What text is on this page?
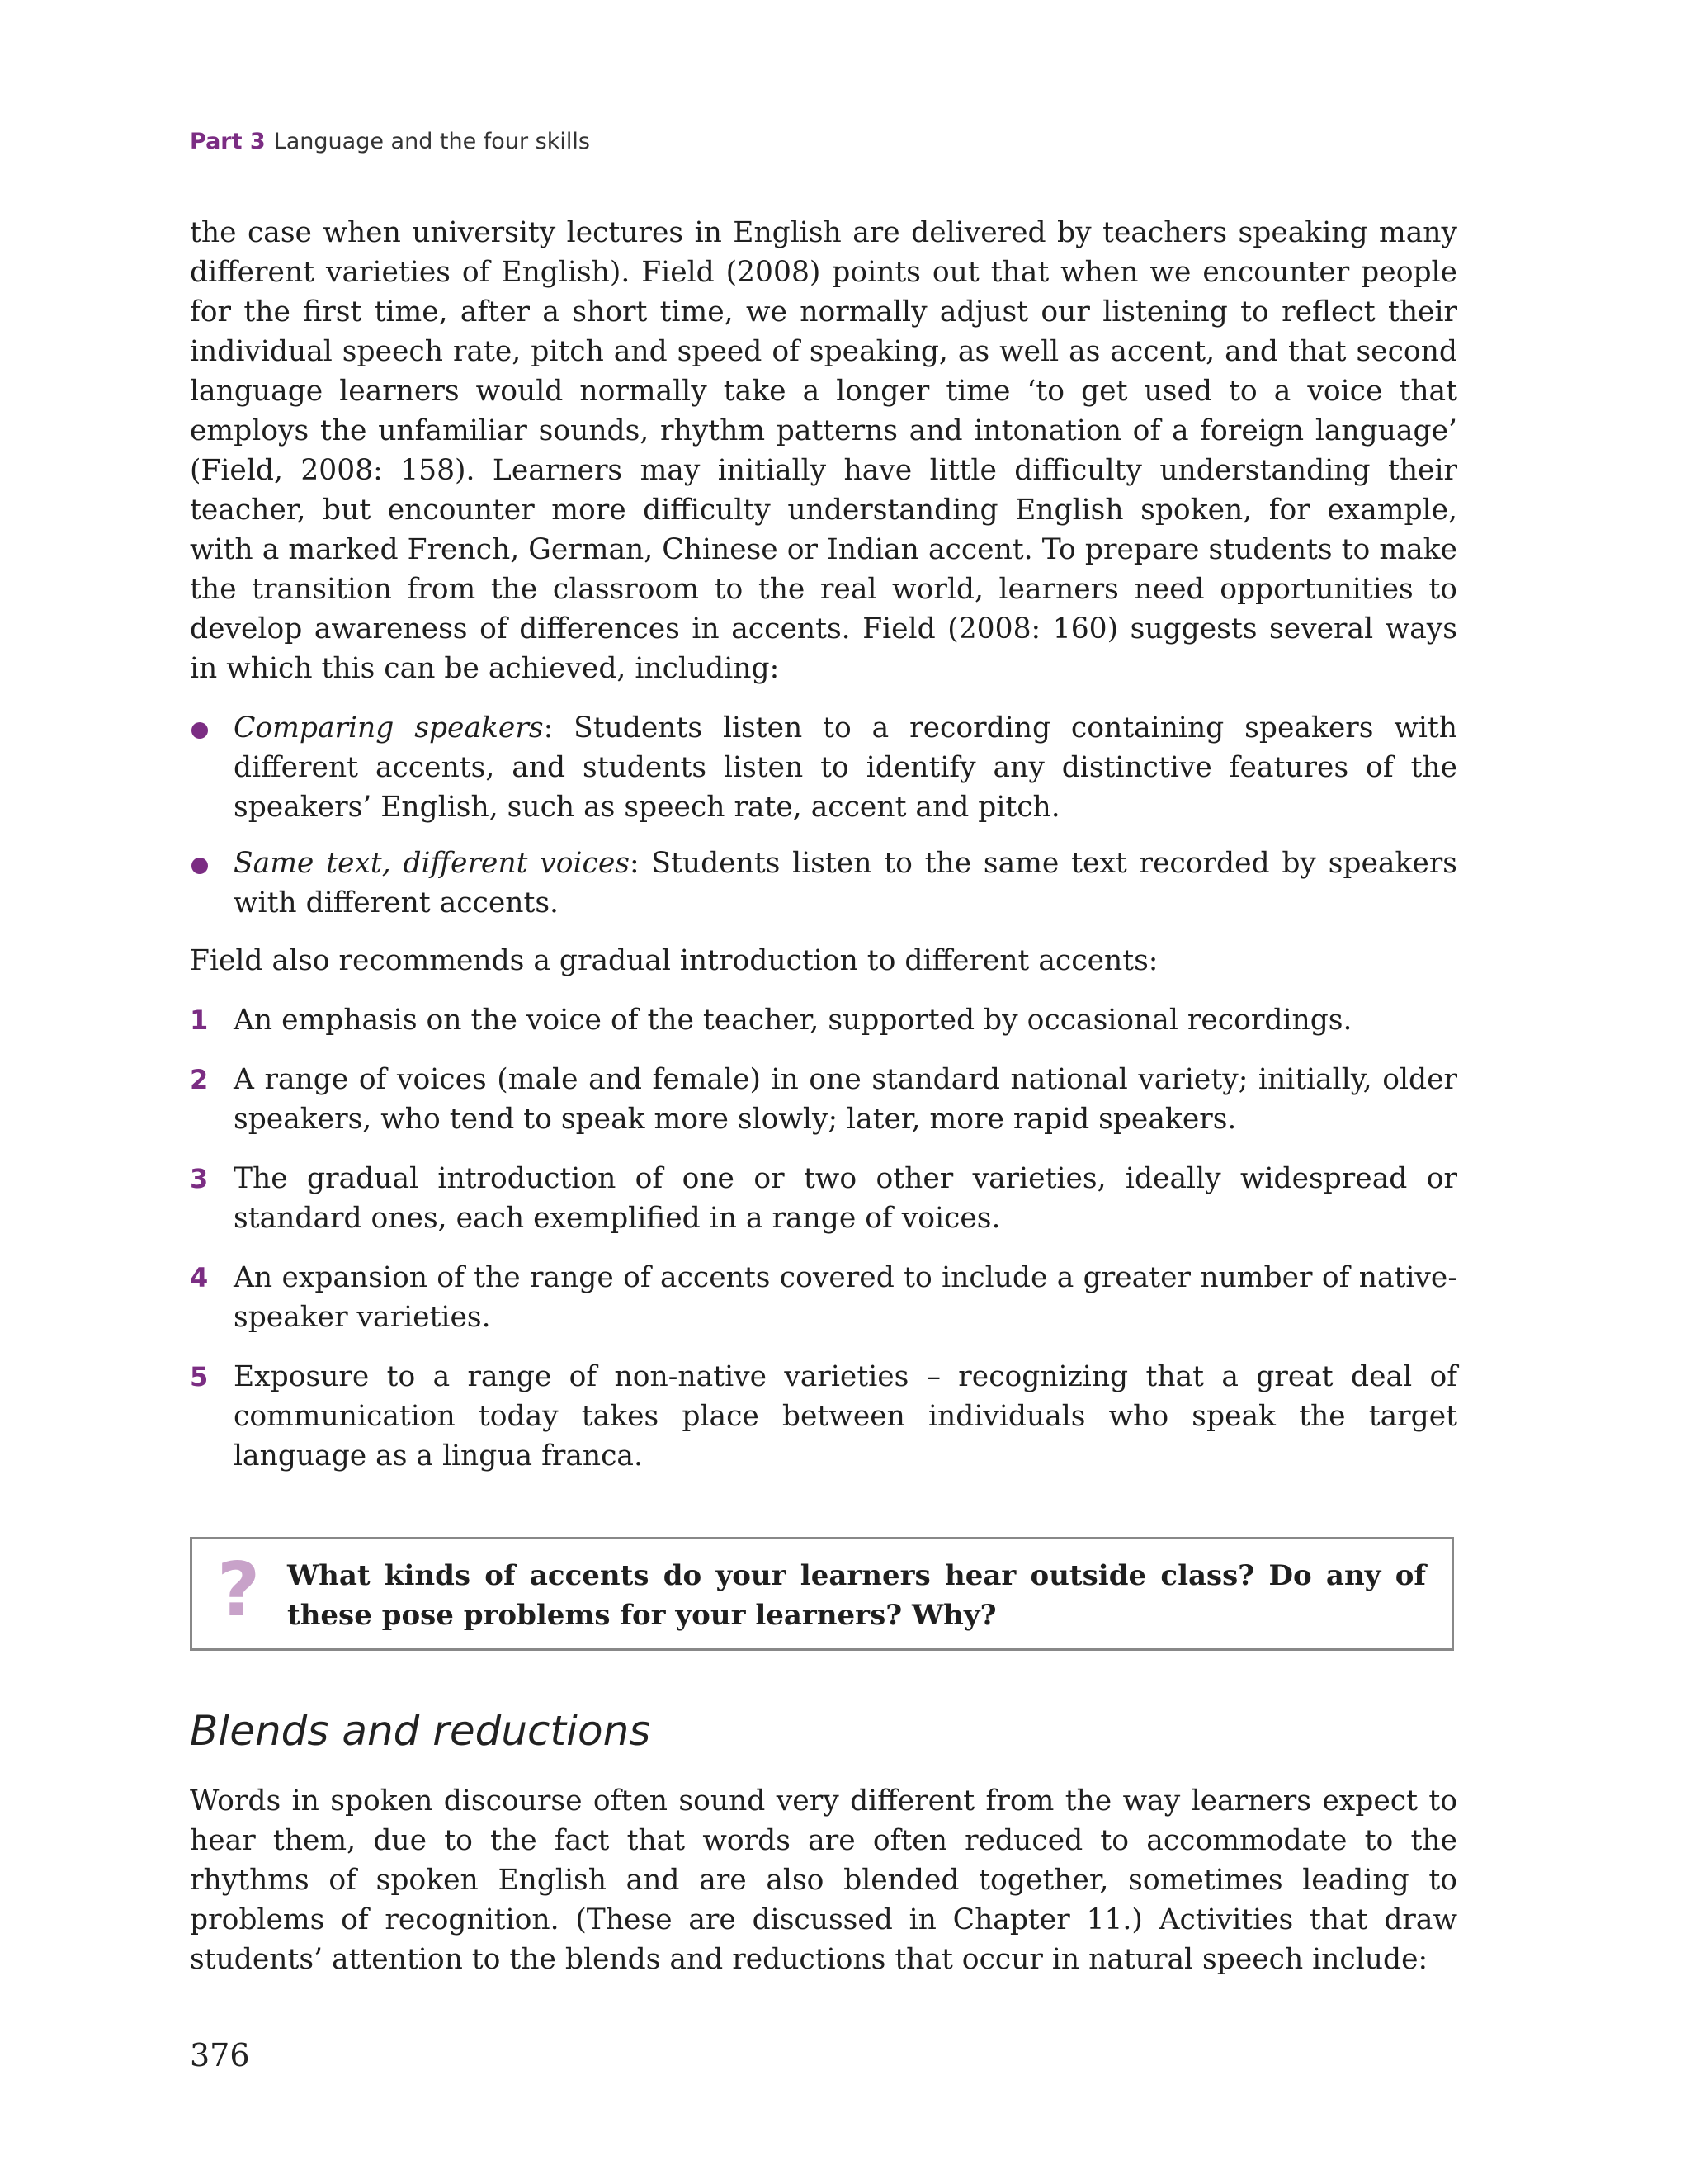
Part 3 Language and the four skills

the case when university lectures in English are delivered by teachers speaking many different varieties of English). Field (2008) points out that when we encounter people for the first time, after a short time, we normally adjust our listening to reflect their individual speech rate, pitch and speed of speaking, as well as accent, and that second language learners would normally take a longer time ‘to get used to a voice that employs the unfamiliar sounds, rhythm patterns and intonation of a foreign language’ (Field, 2008: 158). Learners may initially have little difficulty understanding their teacher, but encounter more difficulty understanding English spoken, for example, with a marked French, German, Chinese or Indian accent. To prepare students to make the transition from the classroom to the real world, learners need opportunities to develop awareness of differences in accents. Field (2008: 160) suggests several ways in which this can be achieved, including:

Comparing speakers: Students listen to a recording containing speakers with different accents, and students listen to identify any distinctive features of the speakers’ English, such as speech rate, accent and pitch.
Same text, different voices: Students listen to the same text recorded by speakers with different accents.

Field also recommends a gradual introduction to different accents:

1 An emphasis on the voice of the teacher, supported by occasional recordings.
2 A range of voices (male and female) in one standard national variety; initially, older speakers, who tend to speak more slowly; later, more rapid speakers.
3 The gradual introduction of one or two other varieties, ideally widespread or standard ones, each exemplified in a range of voices.
4 An expansion of the range of accents covered to include a greater number of native-speaker varieties.
5 Exposure to a range of non-native varieties – recognizing that a great deal of communication today takes place between individuals who speak the target language as a lingua franca.
? What kinds of accents do your learners hear outside class? Do any of these pose problems for your learners? Why?
Blends and reductions

Words in spoken discourse often sound very different from the way learners expect to hear them, due to the fact that words are often reduced to accommodate to the rhythms of spoken English and are also blended together, sometimes leading to problems of recognition. (These are discussed in Chapter 11.) Activities that draw students’ attention to the blends and reductions that occur in natural speech include:

376
